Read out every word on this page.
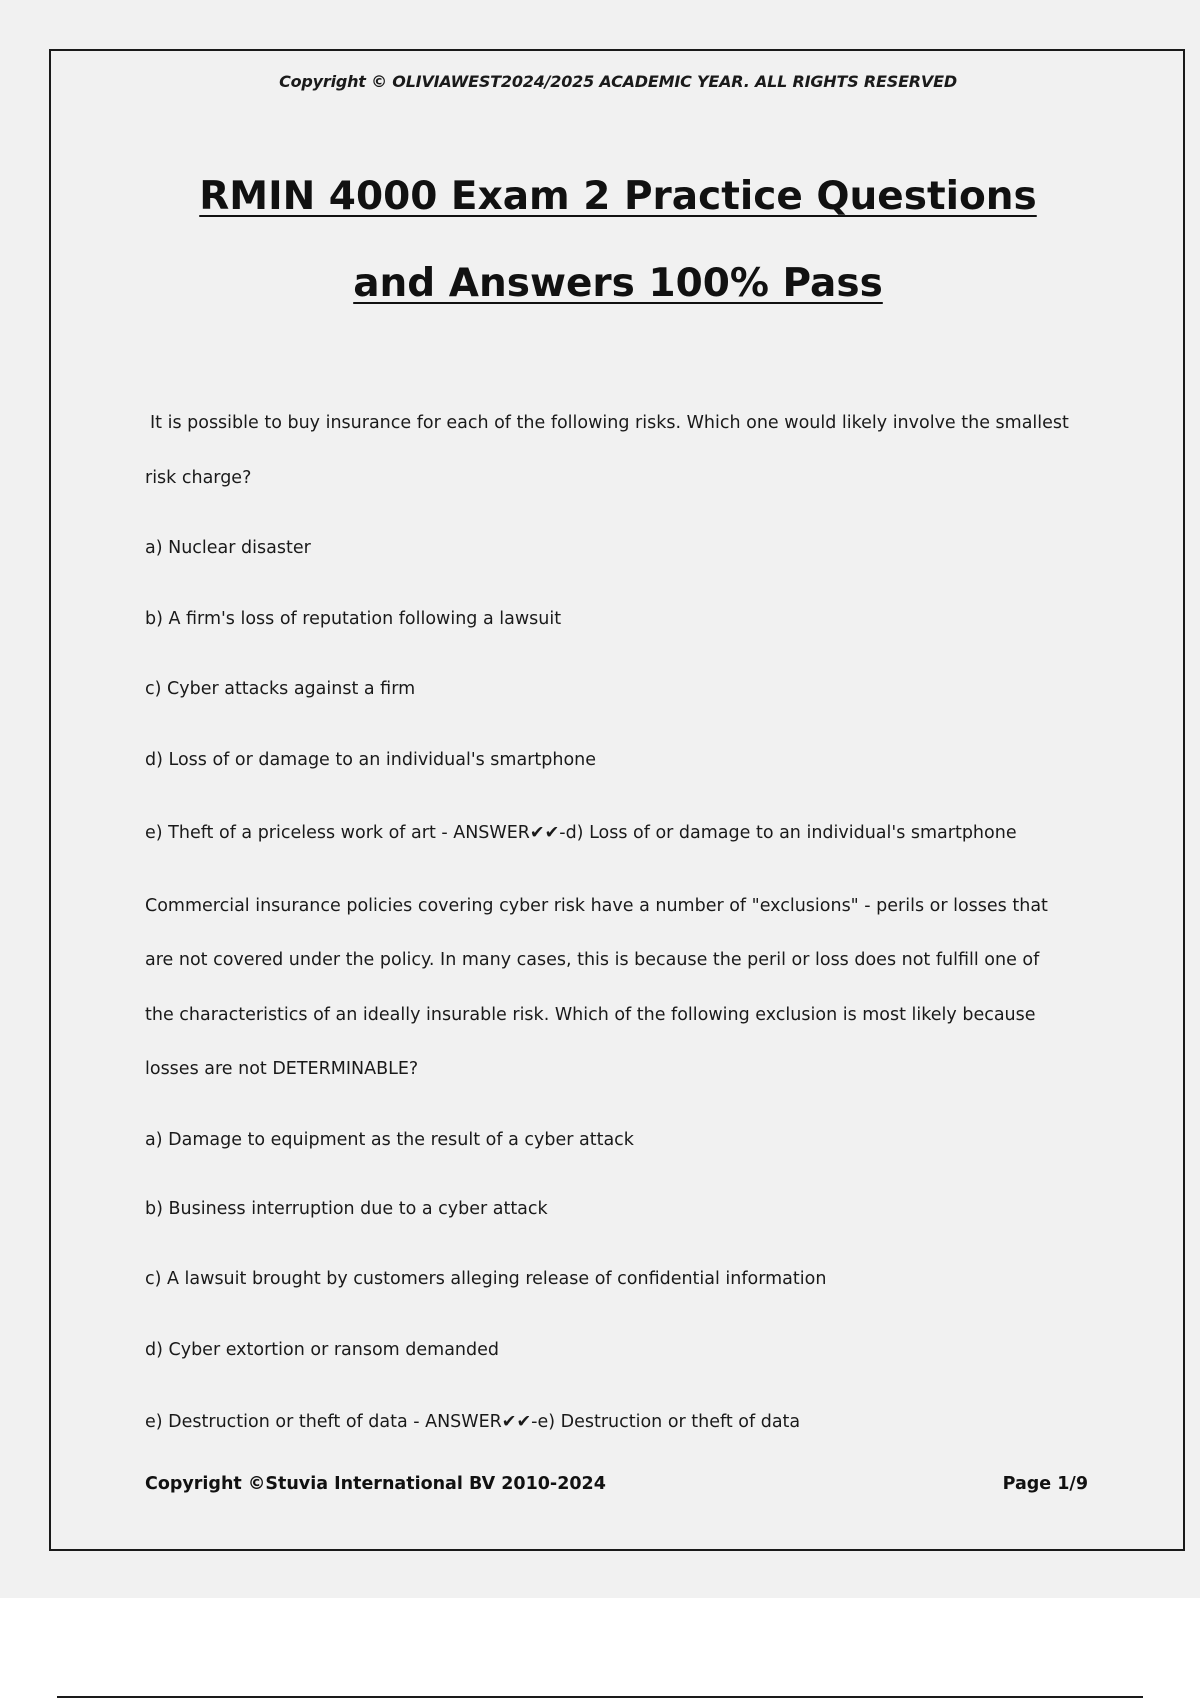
Copyright © OLIVIAWEST2024/2025 ACADEMIC YEAR. ALL RIGHTS RESERVED
RMIN 4000 Exam 2 Practice Questions
and Answers 100% Pass
It is possible to buy insurance for each of the following risks. Which one would likely involve the smallest
risk charge?
a) Nuclear disaster
b) A firm's loss of reputation following a lawsuit
c) Cyber attacks against a firm
d) Loss of or damage to an individual's smartphone
e) Theft of a priceless work of art - ANSWER✔✔-d) Loss of or damage to an individual's smartphone
Commercial insurance policies covering cyber risk have a number of "exclusions" - perils or losses that
are not covered under the policy. In many cases, this is because the peril or loss does not fulfill one of
the characteristics of an ideally insurable risk. Which of the following exclusion is most likely because
losses are not DETERMINABLE?
a) Damage to equipment as the result of a cyber attack
b) Business interruption due to a cyber attack
c) A lawsuit brought by customers alleging release of confidential information
d) Cyber extortion or ransom demanded
e) Destruction or theft of data - ANSWER✔✔-e) Destruction or theft of data
Copyright ©Stuvia International BV 2010-2024	Page 1/9
